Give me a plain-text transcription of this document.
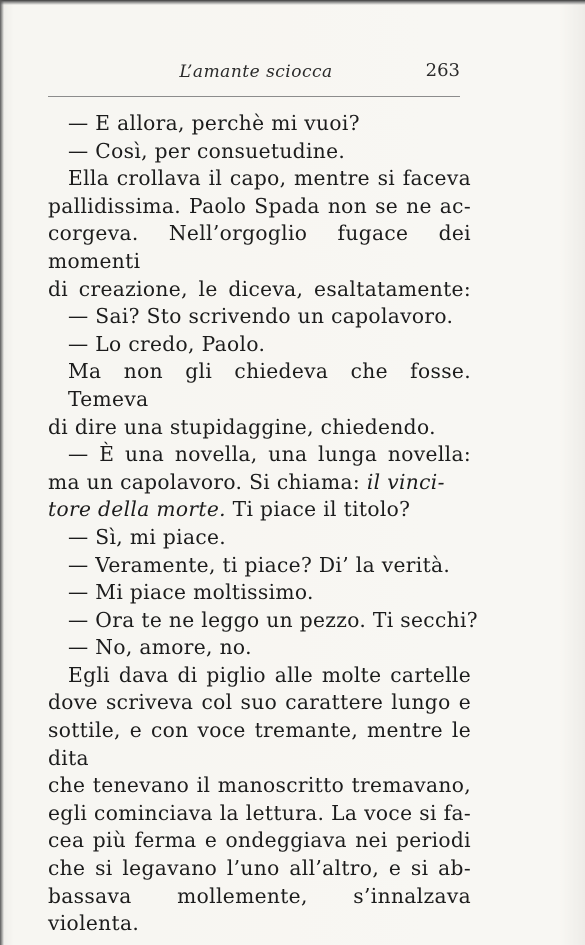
L’amante sciocca	263
— E allora, perchè mi vuoi?
— Così, per consuetudine.
Ella crollava il capo, mentre si faceva
pallidissima. Paolo Spada non se ne ac-
corgeva. Nell’orgoglio fugace dei momenti
di creazione, le diceva, esaltatamente:
— Sai? Sto scrivendo un capolavoro.
— Lo credo, Paolo.
Ma non gli chiedeva che fosse. Temeva
di dire una stupidaggine, chiedendo.
— È una novella, una lunga novella:
ma un capolavoro. Si chiama: il vinci-
tore della morte. Ti piace il titolo?
— Sì, mi piace.
— Veramente, ti piace? Di’ la verità.
— Mi piace moltissimo.
— Ora te ne leggo un pezzo. Ti secchi?
— No, amore, no.
Egli dava di piglio alle molte cartelle
dove scriveva col suo carattere lungo e
sottile, e con voce tremante, mentre le dita
che tenevano il manoscritto tremavano,
egli cominciava la lettura. La voce si fa-
cea più ferma e ondeggiava nei periodi
che si legavano l’uno all’altro, e si ab-
bassava mollemente, s’innalzava violenta.
